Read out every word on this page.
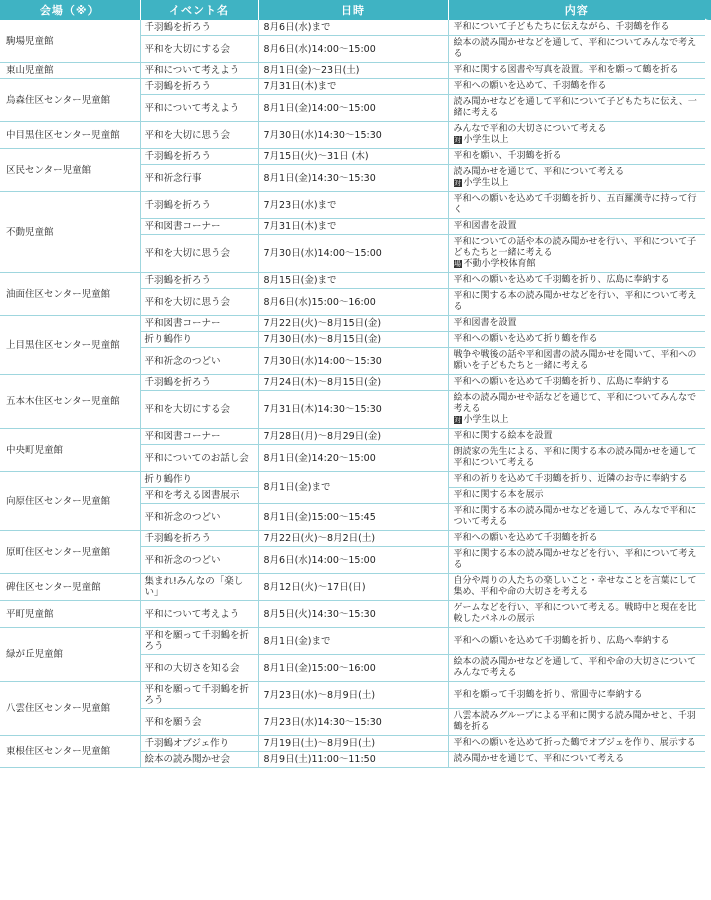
会場（※）	イベント名	日時	内容
駒場児童館	千羽鶴を折ろう	8月6日(水)まで	平和について子どもたちに伝えながら、千羽鶴を作る

	平和を大切にする会	8月6日(水)14:00～15:00	絵本の読み聞かせなどを通して、平和についてみんなで考える

東山児童館	平和について考えよう	8月1日(金)～23日(土)	平和に関する図書や写真を設置。平和を願って鶴を折る

烏森住区センター児童館	千羽鶴を折ろう	7月31日(木)まで	平和への願いを込めて、千羽鶴を作る

	平和について考えよう	8月1日(金)14:00～15:00	読み聞かせなどを通して平和について子どもたちに伝え、一緒に考える

中目黒住区センター児童館	平和を大切に思う会	7月30日(水)14:30～15:30	みんなで平和の大切さについて考える
対 小学生以上

区民センター児童館	千羽鶴を折ろう	7月15日(火)～31日 (木)	平和を願い、千羽鶴を折る

	平和祈念行事	8月1日(金)14:30～15:30	読み聞かせを通じて、平和について考える
対 小学生以上

不動児童館	千羽鶴を折ろう	7月23日(水)まで	平和への願いを込めて千羽鶴を折り、五百羅漢寺に持って行く

	平和図書コーナー	7月31日(木)まで	平和図書を設置

	平和を大切に思う会	7月30日(水)14:00～15:00	平和についての話や本の読み聞かせを行い、平和について子どもたちと一緒に考える
場 不動小学校体育館

油面住区センター児童館	千羽鶴を折ろう	8月15日(金)まで	平和への願いを込めて千羽鶴を折り、広島に奉納する

	平和を大切に思う会	8月6日(水)15:00～16:00	平和に関する本の読み聞かせなどを行い、平和について考える

上目黒住区センター児童館	平和図書コーナー	7月22日(火)～8月15日(金)	平和図書を設置

	折り鶴作り	7月30日(水)～8月15日(金)	平和への願いを込めて折り鶴を作る

	平和祈念のつどい	7月30日(水)14:00～15:30	戦争や戦後の話や平和図書の読み聞かせを聞いて、平和への願いを子どもたちと一緒に考える

五本木住区センター児童館	千羽鶴を折ろう	7月24日(木)～8月15日(金)	平和への願いを込めて千羽鶴を折り、広島に奉納する

	平和を大切にする会	7月31日(木)14:30～15:30	絵本の読み聞かせや話などを通じて、平和についてみんなで考える
対 小学生以上

中央町児童館	平和図書コーナー	7月28日(月)～8月29日(金)	平和に関する絵本を設置

	平和についてのお話し会	8月1日(金)14:20～15:00	朗読家の先生による、平和に関する本の読み聞かせを通して平和について考える

向原住区センター児童館	折り鶴作り	8月1日(金)まで	平和の祈りを込めて千羽鶴を折り、近隣のお寺に奉納する

	平和を考える図書展示		平和に関する本を展示

	平和祈念のつどい	8月1日(金)15:00～15:45	平和に関する本の読み聞かせなどを通して、みんなで平和について考える

原町住区センター児童館	千羽鶴を折ろう	7月22日(火)～8月2日(土)	平和への願いを込めて千羽鶴を折る

	平和祈念のつどい	8月6日(水)14:00～15:00	平和に関する本の読み聞かせなどを行い、平和について考える

碑住区センター児童館	集まれ!みんなの「楽しい」	8月12日(火)～17日(日)	自分や周りの人たちの楽しいこと・幸せなことを言葉にして集め、平和や命の大切さを考える

平町児童館	平和について考えよう	8月5日(火)14:30～15:30	ゲームなどを行い、平和について考える。戦時中と現在を比較したパネルの展示

緑が丘児童館	平和を願って千羽鶴を折ろう	8月1日(金)まで	平和への願いを込めて千羽鶴を折り、広島へ奉納する

	平和の大切さを知る会	8月1日(金)15:00～16:00	絵本の読み聞かせなどを通して、平和や命の大切さについてみんなで考える

八雲住区センター児童館	平和を願って千羽鶴を折ろう	7月23日(水)～8月9日(土)	平和を願って千羽鶴を折り、常圓寺に奉納する

	平和を願う会	7月23日(水)14:30～15:30	八雲本読みグループによる平和に関する読み聞かせと、千羽鶴を折る

東根住区センター児童館	千羽鶴オブジェ作り	7月19日(土)～8月9日(土)	平和への願いを込めて折った鶴でオブジェを作り、展示する

	絵本の読み聞かせ会	8月9日(土)11:00～11:50	読み聞かせを通じて、平和について考える
